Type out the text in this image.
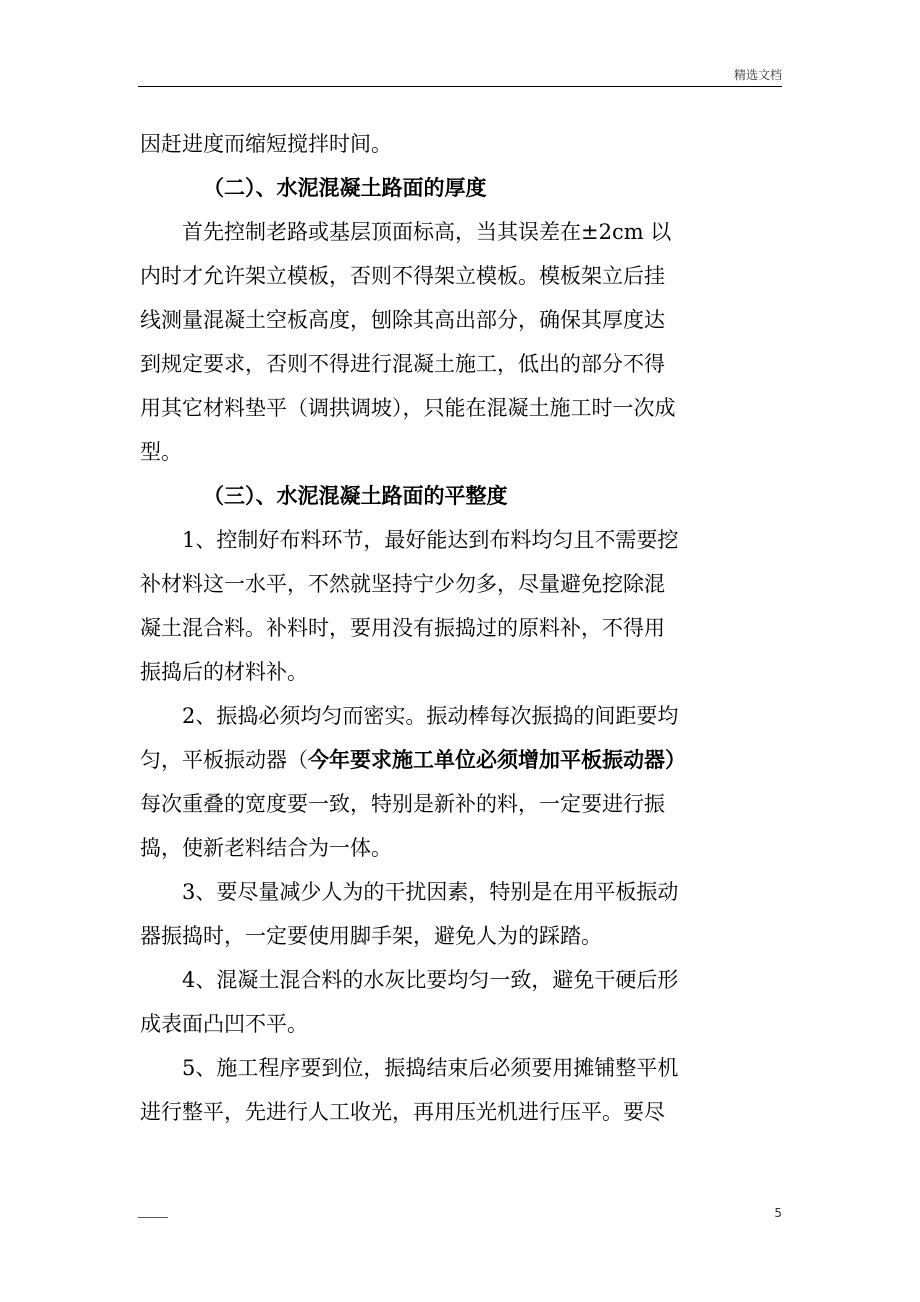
精选文档
因赶进度而缩短搅拌时间。
（二）、水泥混凝土路面的厚度
首先控制老路或基层顶面标高，当其误差在±2cm 以
内时才允许架立模板，否则不得架立模板。模板架立后挂
线测量混凝土空板高度，刨除其高出部分，确保其厚度达
到规定要求，否则不得进行混凝土施工，低出的部分不得
用其它材料垫平（调拱调坡），只能在混凝土施工时一次成
型。
（三）、水泥混凝土路面的平整度
1、控制好布料环节，最好能达到布料均匀且不需要挖
补材料这一水平，不然就坚持宁少勿多，尽量避免挖除混
凝土混合料。补料时，要用没有振捣过的原料补，不得用
振捣后的材料补。
2、振捣必须均匀而密实。振动棒每次振捣的间距要均
匀，平板振动器（今年要求施工单位必须增加平板振动器）
每次重叠的宽度要一致，特别是新补的料，一定要进行振
捣，使新老料结合为一体。
3、要尽量减少人为的干扰因素，特别是在用平板振动
器振捣时，一定要使用脚手架，避免人为的踩踏。
4、混凝土混合料的水灰比要均匀一致，避免干硬后形
成表面凸凹不平。
5、施工程序要到位，振捣结束后必须要用摊铺整平机
进行整平，先进行人工收光，再用压光机进行压平。要尽
5
